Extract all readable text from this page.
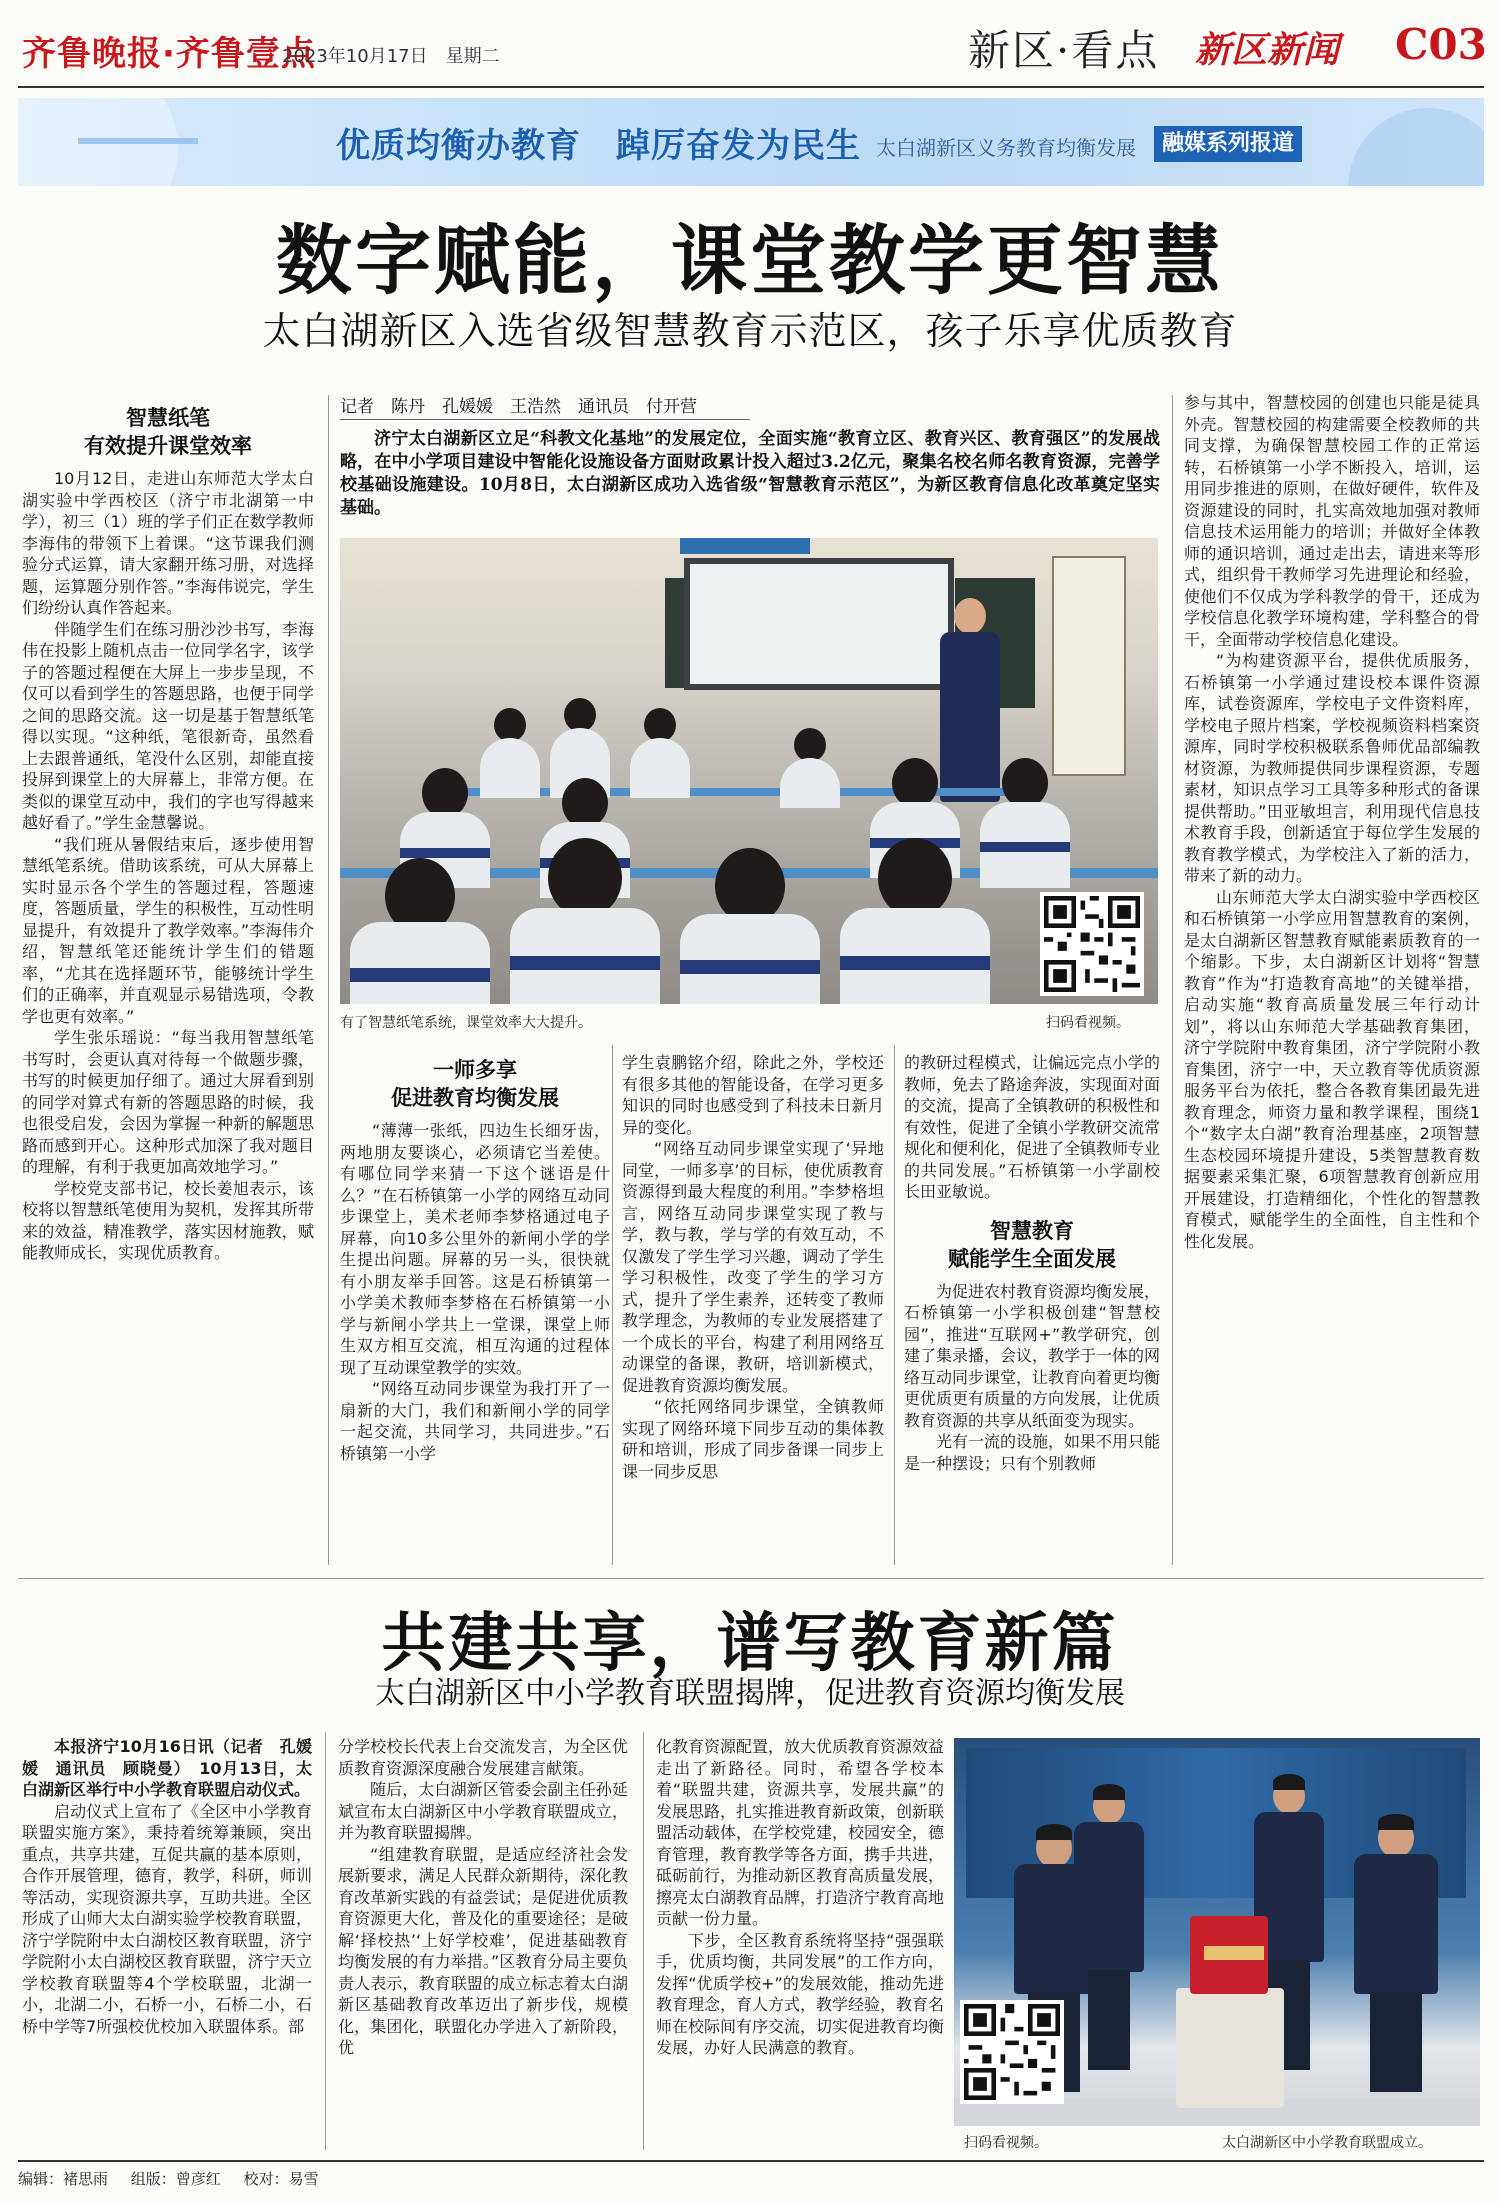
齐鲁晚报·齐鲁壹点
2023年10月17日　星期二	新区·看点 新区新闻 C03
优质均衡办教育　踔厉奋发为民生 太白湖新区义务教育均衡发展	融媒系列报道
数字赋能，课堂教学更智慧
太白湖新区入选省级智慧教育示范区，孩子乐享优质教育
记者　陈丹　孔媛媛　王浩然　通讯员　付开营
济宁太白湖新区立足“科教文化基地”的发展定位，全面实施“教育立区、教育兴区、教育强区”的发展战略，在中小学项目建设中智能化设施设备方面财政累计投入超过3.2亿元，聚集名校名师名教育资源，完善学校基础设施建设。10月8日，太白湖新区成功入选省级“智慧教育示范区”，为新区教育信息化改革奠定坚实基础。
智慧纸笔
有效提升课堂效率

10月12日，走进山东师范大学太白湖实验中学西校区（济宁市北湖第一中学），初三（1）班的学子们正在数学教师李海伟的带领下上着课。“这节课我们测验分式运算，请大家翻开练习册，对选择题，运算题分别作答。”李海伟说完，学生们纷纷认真作答起来。

伴随学生们在练习册沙沙书写，李海伟在投影上随机点击一位同学名字，该学子的答题过程便在大屏上一步步呈现，不仅可以看到学生的答题思路，也便于同学之间的思路交流。这一切是基于智慧纸笔得以实现。“这种纸，笔很新奇，虽然看上去跟普通纸，笔没什么区别，却能直接投屏到课堂上的大屏幕上，非常方便。在类似的课堂互动中，我们的字也写得越来越好看了。”学生金慧馨说。

“我们班从暑假结束后，逐步使用智慧纸笔系统。借助该系统，可从大屏幕上实时显示各个学生的答题过程，答题速度，答题质量，学生的积极性，互动性明显提升，有效提升了教学效率。”李海伟介绍，智慧纸笔还能统计学生们的错题率，“尤其在选择题环节，能够统计学生们的正确率，并直观显示易错选项，令教学也更有效率。”

学生张乐瑶说：“每当我用智慧纸笔书写时，会更认真对待每一个做题步骤，书写的时候更加仔细了。通过大屏看到别的同学对算式有新的答题思路的时候，我也很受启发，会因为掌握一种新的解题思路而感到开心。这种形式加深了我对题目的理解，有利于我更加高效地学习。”

学校党支部书记，校长姜旭表示，该校将以智慧纸笔使用为契机，发挥其所带来的效益，精准教学，落实因材施教，赋能教师成长，实现优质教育。

有了智慧纸笔系统，课堂效率大大提升。	扫码看视频。
一师多享
促进教育均衡发展

“薄薄一张纸，四边生长细牙齿，两地朋友要谈心，必须请它当差使。有哪位同学来猜一下这个谜语是什么？”在石桥镇第一小学的网络互动同步课堂上，美术老师李梦格通过电子屏幕，向10多公里外的新闸小学的学生提出问题。屏幕的另一头，很快就有小朋友举手回答。这是石桥镇第一小学美术教师李梦格在石桥镇第一小学与新闸小学共上一堂课，课堂上师生双方相互交流，相互沟通的过程体现了互动课堂教学的实效。

“网络互动同步课堂为我打开了一扇新的大门，我们和新闸小学的同学一起交流，共同学习，共同进步。”石桥镇第一小学

学生袁鹏铭介绍，除此之外，学校还有很多其他的智能设备，在学习更多知识的同时也感受到了科技未日新月异的变化。

“网络互动同步课堂实现了‘异地同堂，一师多享’的目标，使优质教育资源得到最大程度的利用。”李梦格坦言，网络互动同步课堂实现了教与学，教与教，学与学的有效互动，不仅激发了学生学习兴趣，调动了学生学习积极性，改变了学生的学习方式，提升了学生素养，还转变了教师教学理念，为教师的专业发展搭建了一个成长的平台，构建了利用网络互动课堂的备课，教研，培训新模式，促进教育资源均衡发展。

“依托网络同步课堂，全镇教师实现了网络环境下同步互动的集体教研和培训，形成了同步备课一同步上课一同步反思

的教研过程模式，让偏远完点小学的教师，免去了路途奔波，实现面对面的交流，提高了全镇教研的积极性和有效性，促进了全镇小学教研交流常规化和便利化，促进了全镇教师专业的共同发展。”石桥镇第一小学副校长田亚敏说。

智慧教育
赋能学生全面发展

为促进农村教育资源均衡发展，石桥镇第一小学积极创建“智慧校园”，推进“互联网+”教学研究，创建了集录播，会议，教学于一体的网络互动同步课堂，让教育向着更均衡更优质更有质量的方向发展，让优质教育资源的共享从纸面变为现实。

光有一流的设施，如果不用只能是一种摆设；只有个别教师

参与其中，智慧校园的创建也只能是徒具外壳。智慧校园的构建需要全校教师的共同支撑，为确保智慧校园工作的正常运转，石桥镇第一小学不断投入，培训，运用同步推进的原则，在做好硬件，软件及资源建设的同时，扎实高效地加强对教师信息技术运用能力的培训；并做好全体教师的通识培训，通过走出去，请进来等形式，组织骨干教师学习先进理论和经验，使他们不仅成为学科教学的骨干，还成为学校信息化教学环境构建，学科整合的骨干，全面带动学校信息化建设。

“为构建资源平台，提供优质服务，石桥镇第一小学通过建设校本课件资源库，试卷资源库，学校电子文件资料库，学校电子照片档案，学校视频资料档案资源库，同时学校积极联系鲁师优品部编教材资源，为教师提供同步课程资源，专题素材，知识点学习工具等多种形式的备课提供帮助。”田亚敏坦言，利用现代信息技术教育手段，创新适宜于每位学生发展的教育教学模式，为学校注入了新的活力，带来了新的动力。

山东师范大学太白湖实验中学西校区和石桥镇第一小学应用智慧教育的案例，是太白湖新区智慧教育赋能素质教育的一个缩影。下步，太白湖新区计划将“智慧教育”作为“打造教育高地”的关键举措，启动实施“教育高质量发展三年行动计划”，将以山东师范大学基础教育集团，济宁学院附中教育集团，济宁学院附小教育集团，济宁一中，天立教育等优质资源服务平台为依托，整合各教育集团最先进教育理念，师资力量和教学课程，围绕1个“数字太白湖”教育治理基座，2项智慧生态校园环境提升建设，5类智慧教育数据要素采集汇聚，6项智慧教育创新应用开展建设，打造精细化，个性化的智慧教育模式，赋能学生的全面性，自主性和个性化发展。

共建共享，谱写教育新篇
太白湖新区中小学教育联盟揭牌，促进教育资源均衡发展

本报济宁10月16日讯（记者　孔媛媛　通讯员　顾晓曼）　10月13日，太白湖新区举行中小学教育联盟启动仪式。

启动仪式上宣布了《全区中小学教育联盟实施方案》，秉持着统筹兼顾，突出重点，共享共建，互促共赢的基本原则，合作开展管理，德育，教学，科研，师训等活动，实现资源共享，互助共进。全区形成了山师大太白湖实验学校教育联盟，济宁学院附中太白湖校区教育联盟，济宁学院附小太白湖校区教育联盟，济宁天立学校教育联盟等4个学校联盟，北湖一小，北湖二小，石桥一小，石桥二小，石桥中学等7所强校优校加入联盟体系。部

分学校校长代表上台交流发言，为全区优质教育资源深度融合发展建言献策。

随后，太白湖新区管委会副主任孙延斌宣布太白湖新区中小学教育联盟成立，并为教育联盟揭牌。

“组建教育联盟，是适应经济社会发展新要求，满足人民群众新期待，深化教育改革新实践的有益尝试；是促进优质教育资源更大化，普及化的重要途径；是破解‘择校热’‘上好学校难’，促进基础教育均衡发展的有力举措。”区教育分局主要负责人表示，教育联盟的成立标志着太白湖新区基础教育改革迈出了新步伐，规模化，集团化，联盟化办学进入了新阶段，优

化教育资源配置，放大优质教育资源效益走出了新路径。同时，希望各学校本着“联盟共建，资源共享，发展共赢”的发展思路，扎实推进教育新政策，创新联盟活动载体，在学校党建，校园安全，德育管理，教育教学等各方面，携手共进，砥砺前行，为推动新区教育高质量发展，擦亮太白湖教育品牌，打造济宁教育高地贡献一份力量。

下步，全区教育系统将坚持“强强联手，优质均衡，共同发展”的工作方向，发挥“优质学校+”的发展效能，推动先进教育理念，育人方式，教学经验，教育名师在校际间有序交流，切实促进教育均衡发展，办好人民满意的教育。

扫码看视频。	太白湖新区中小学教育联盟成立。
编辑：褚思雨 组版：曾彦红 校对：易雪
